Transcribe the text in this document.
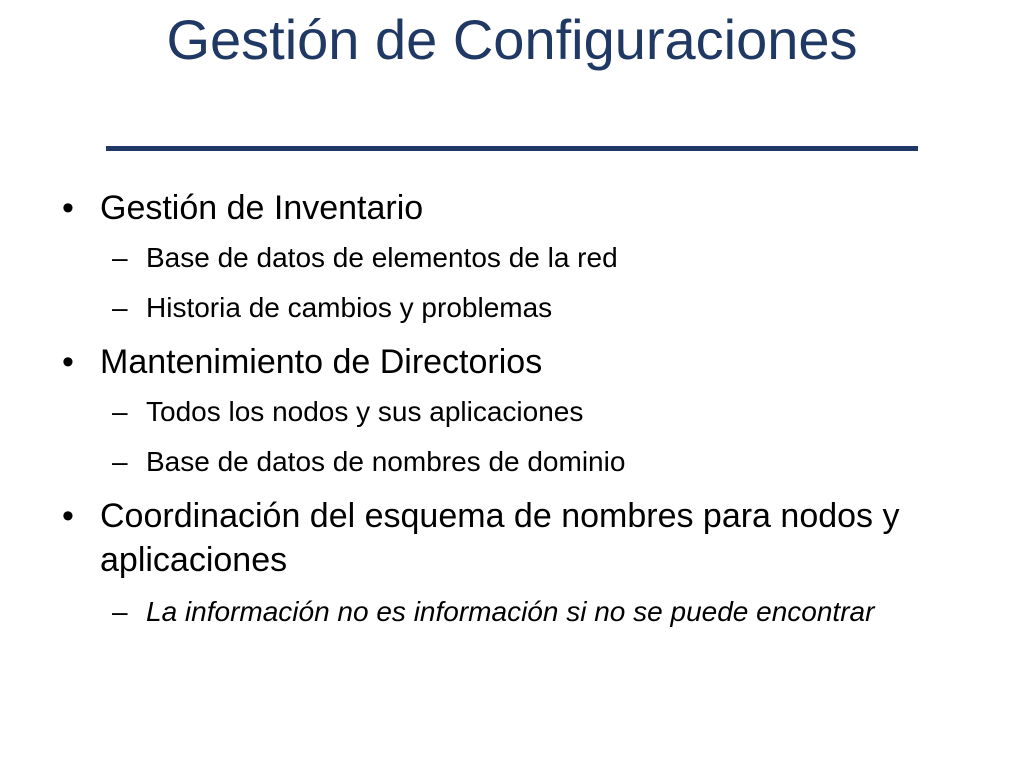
Gestión de Configuraciones
• Gestión de Inventario
– Base de datos de elementos de la red
– Historia de cambios y problemas
• Mantenimiento de Directorios
– Todos los nodos y sus aplicaciones
– Base de datos de nombres de dominio
• Coordinación del esquema de nombres para nodos y aplicaciones
– La información no es información si no se puede encontrar
